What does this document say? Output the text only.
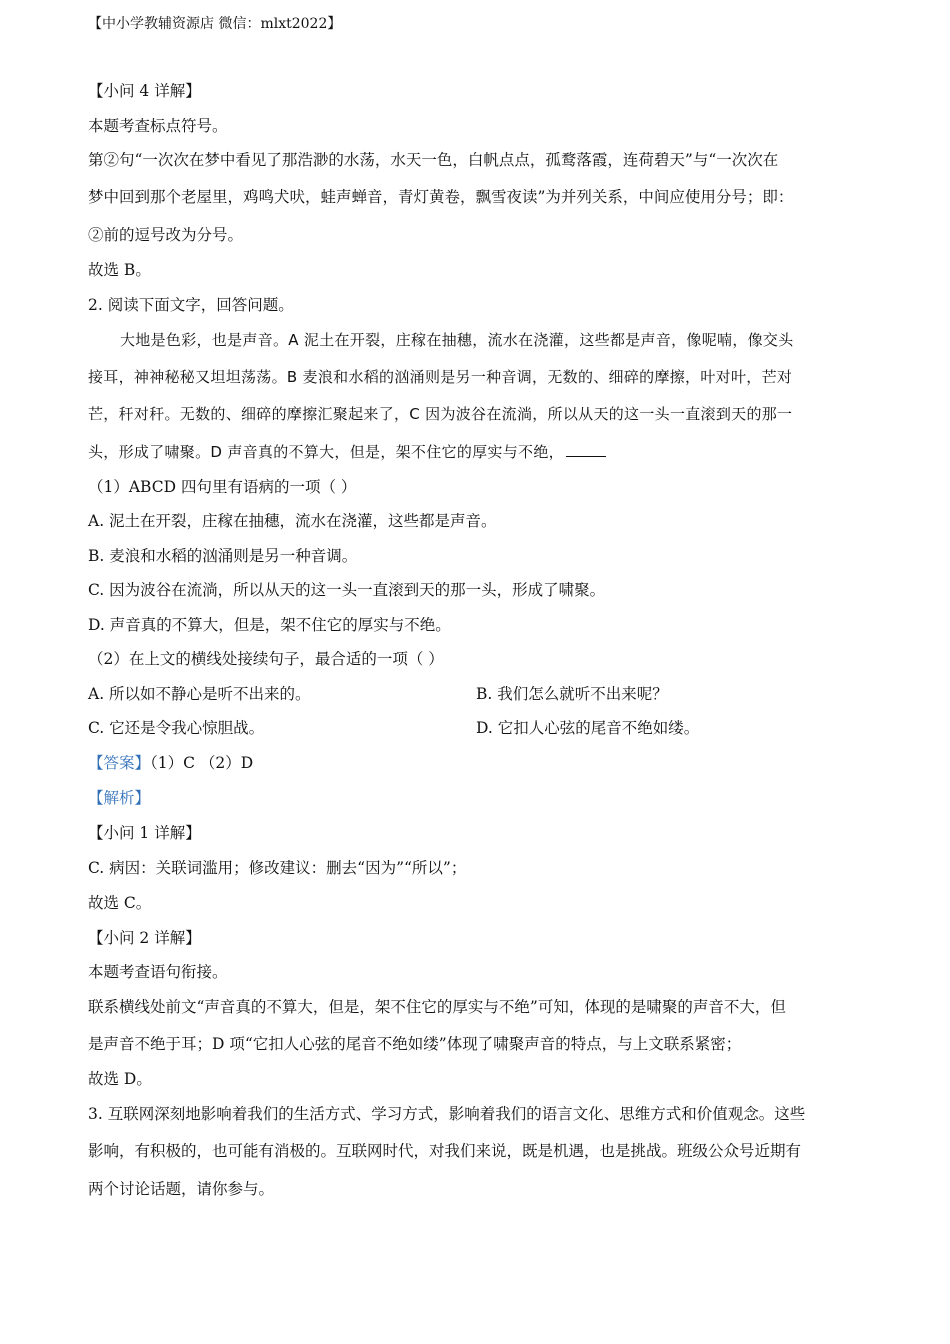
【中小学教辅资源店 微信：mlxt2022】
【小问 4 详解】
本题考查标点符号。
第②句“一次次在梦中看见了那浩渺的水荡，水天一色，白帆点点，孤鹜落霞，连荷碧天”与“一次次在
梦中回到那个老屋里，鸡鸣犬吠，蛙声蝉音，青灯黄卷，飘雪夜读”为并列关系，中间应使用分号；即：
②前的逗号改为分号。
故选 B。
2. 阅读下面文字，回答问题。
大地是色彩，也是声音。A 泥土在开裂，庄稼在抽穗，流水在浇灌，这些都是声音，像呢喃，像交头
接耳，神神秘秘又坦坦荡荡。B 麦浪和水稻的汹涌则是另一种音调，无数的、细碎的摩擦，叶对叶，芒对
芒，秆对秆。无数的、细碎的摩擦汇聚起来了，C 因为波谷在流淌，所以从天的这一头一直滚到天的那一
头，形成了啸聚。D 声音真的不算大，但是，架不住它的厚实与不绝，
（1）ABCD 四句里有语病的一项（ ）
A. 泥土在开裂，庄稼在抽穗，流水在浇灌，这些都是声音。
B. 麦浪和水稻的汹涌则是另一种音调。
C. 因为波谷在流淌，所以从天的这一头一直滚到天的那一头，形成了啸聚。
D. 声音真的不算大，但是，架不住它的厚实与不绝。
（2）在上文的横线处接续句子，最合适的一项（ ）
A. 所以如不静心是听不出来的。	B. 我们怎么就听不出来呢？
C. 它还是令我心惊胆战。	D. 它扣人心弦的尾音不绝如缕。
【答案】（1）C （2）D
【解析】
【小问 1 详解】
C. 病因：关联词滥用；修改建议：删去“因为”“所以”；
故选 C。
【小问 2 详解】
本题考查语句衔接。
联系横线处前文“声音真的不算大，但是，架不住它的厚实与不绝”可知，体现的是啸聚的声音不大，但
是声音不绝于耳；D 项“它扣人心弦的尾音不绝如缕”体现了啸聚声音的特点，与上文联系紧密；
故选 D。
3. 互联网深刻地影响着我们的生活方式、学习方式，影响着我们的语言文化、思维方式和价值观念。这些
影响，有积极的，也可能有消极的。互联网时代，对我们来说，既是机遇，也是挑战。班级公众号近期有
两个讨论话题，请你参与。
